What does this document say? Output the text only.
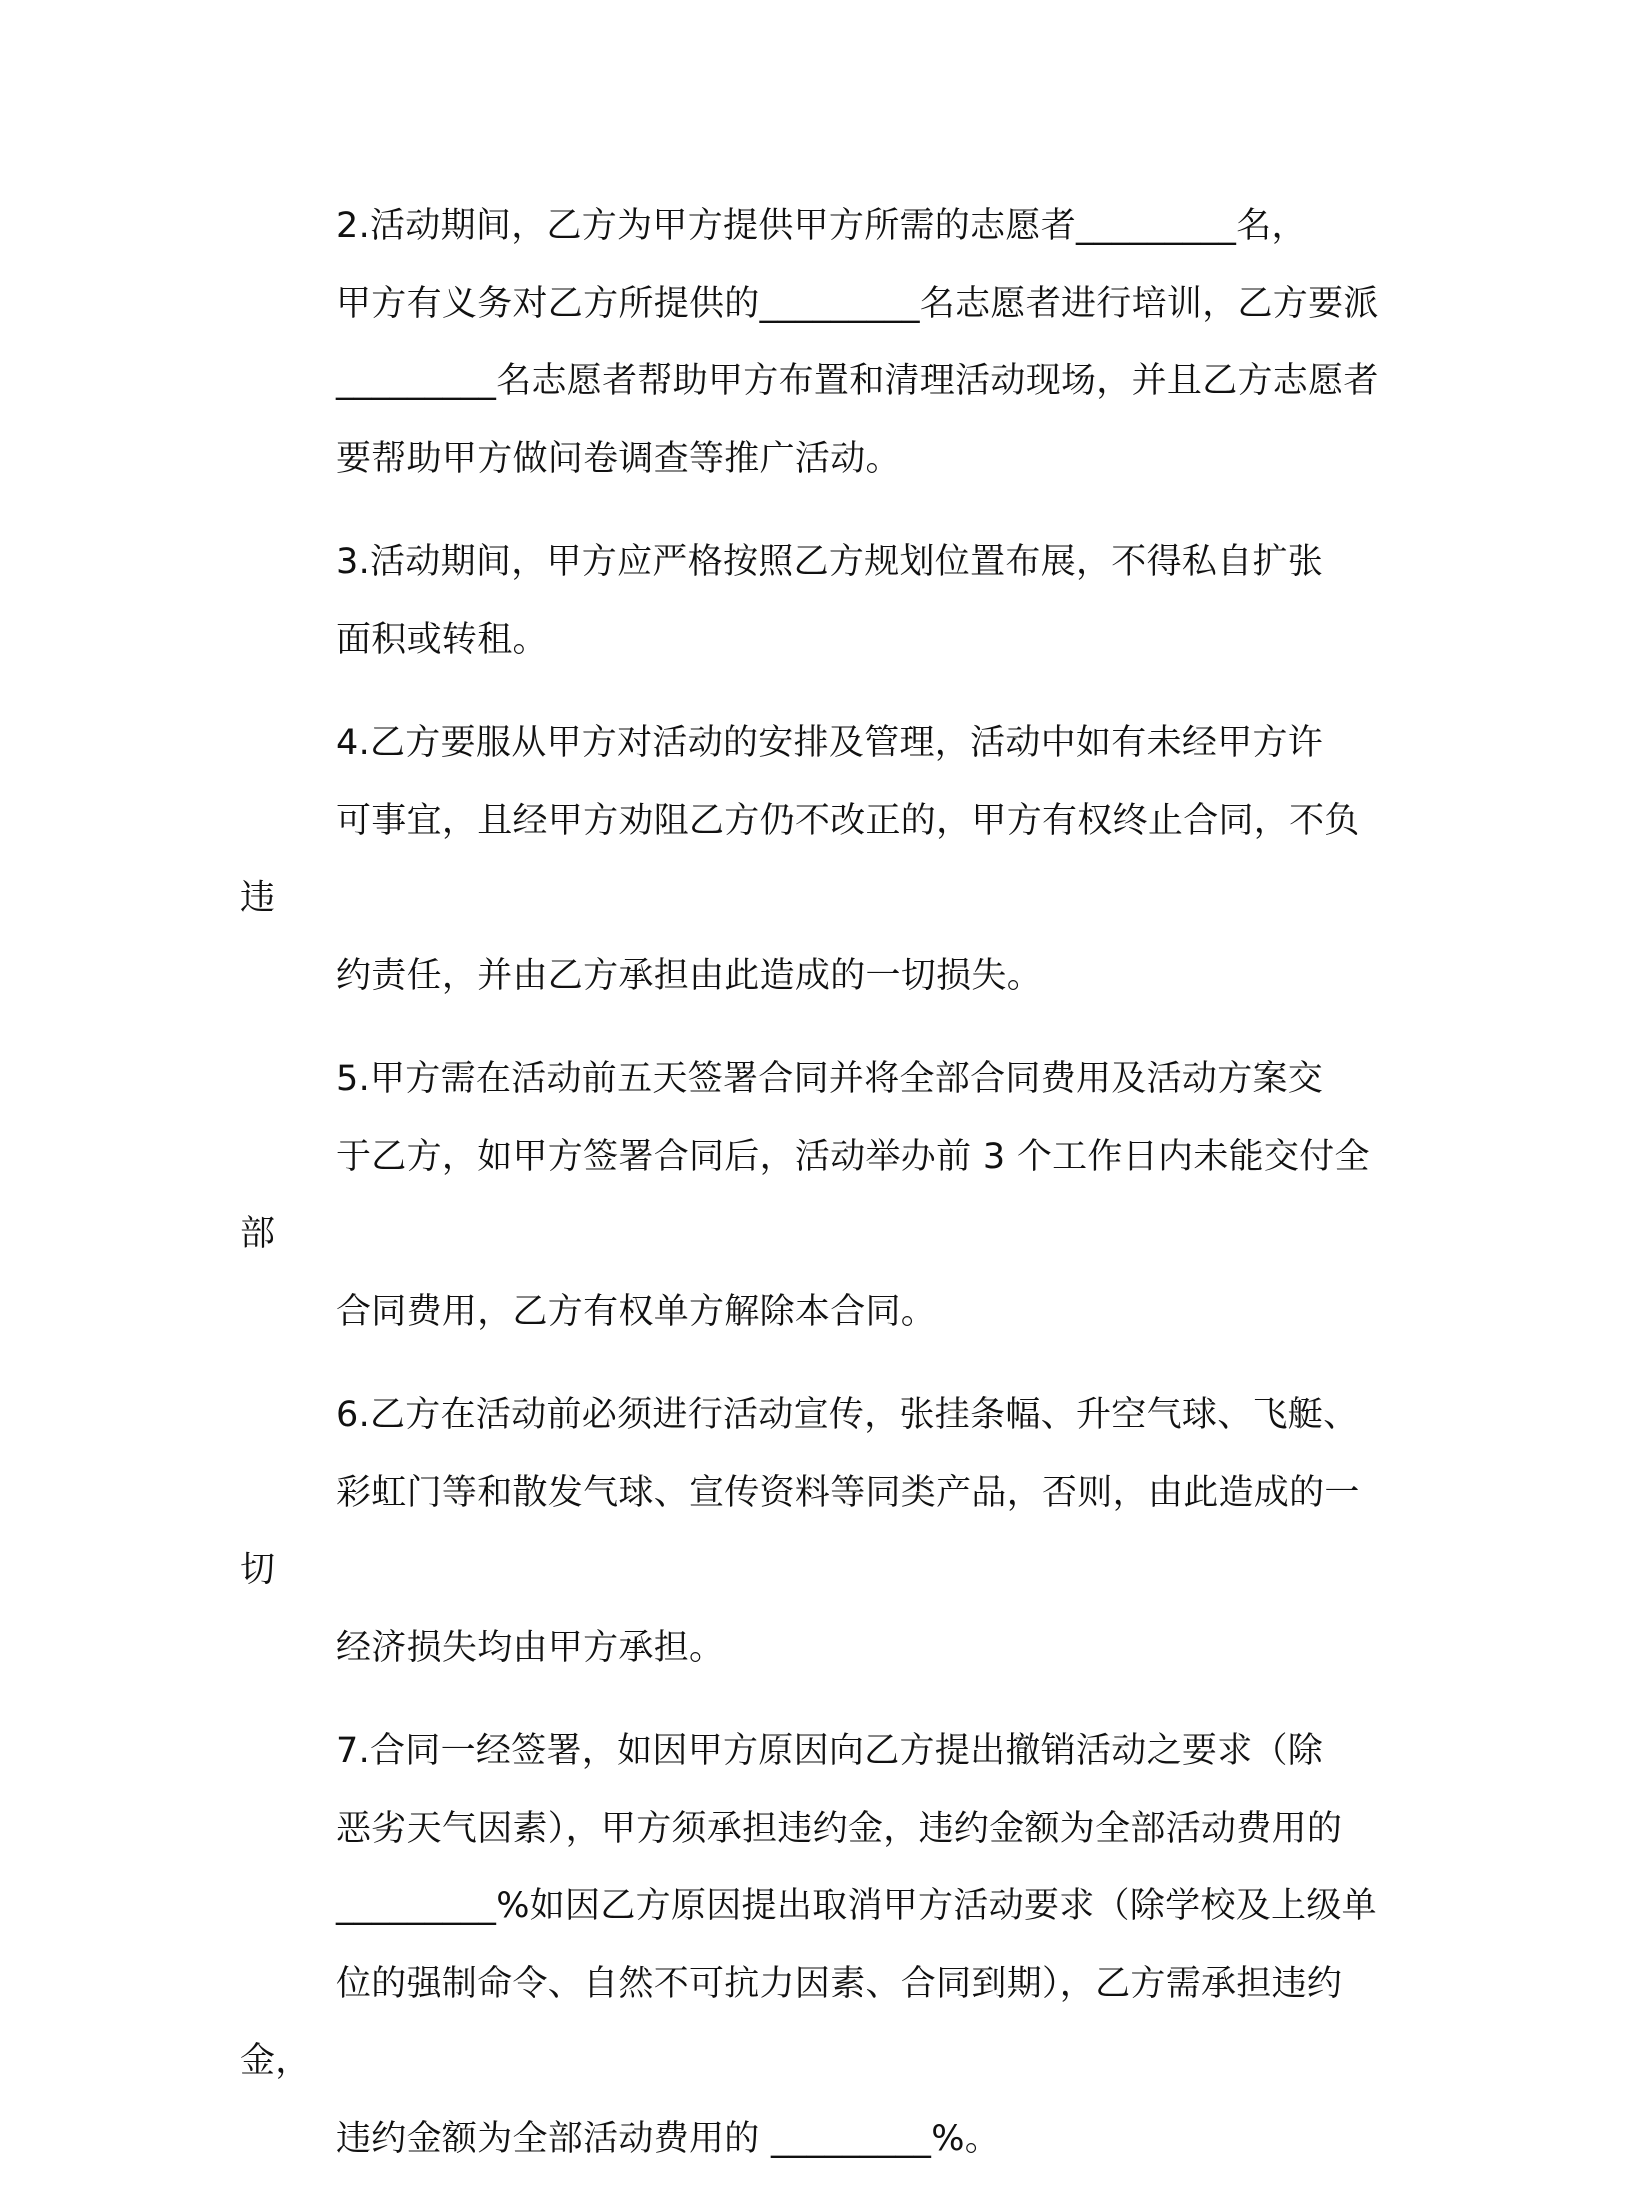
2.活动期间，乙方为甲方提供甲方所需的志愿者_________名，
甲方有义务对乙方所提供的_________名志愿者进行培训，乙方要派
_________名志愿者帮助甲方布置和清理活动现场，并且乙方志愿者
要帮助甲方做问卷调查等推广活动。

3.活动期间，甲方应严格按照乙方规划位置布展，不得私自扩张
面积或转租。

4.乙方要服从甲方对活动的安排及管理，活动中如有未经甲方许
可事宜，且经甲方劝阻乙方仍不改正的，甲方有权终止合同，不负违
约责任，并由乙方承担由此造成的一切损失。

5.甲方需在活动前五天签署合同并将全部合同费用及活动方案交
于乙方，如甲方签署合同后，活动举办前 3 个工作日内未能交付全部
合同费用，乙方有权单方解除本合同。

6.乙方在活动前必须进行活动宣传，张挂条幅、升空气球、飞艇、
彩虹门等和散发气球、宣传资料等同类产品，否则，由此造成的一切
经济损失均由甲方承担。

7.合同一经签署，如因甲方原因向乙方提出撤销活动之要求（除
恶劣天气因素），甲方须承担违约金，违约金额为全部活动费用的
_________%如因乙方原因提出取消甲方活动要求（除学校及上级单
位的强制命令、自然不可抗力因素、合同到期），乙方需承担违约金，
违约金额为全部活动费用的 _________%。
